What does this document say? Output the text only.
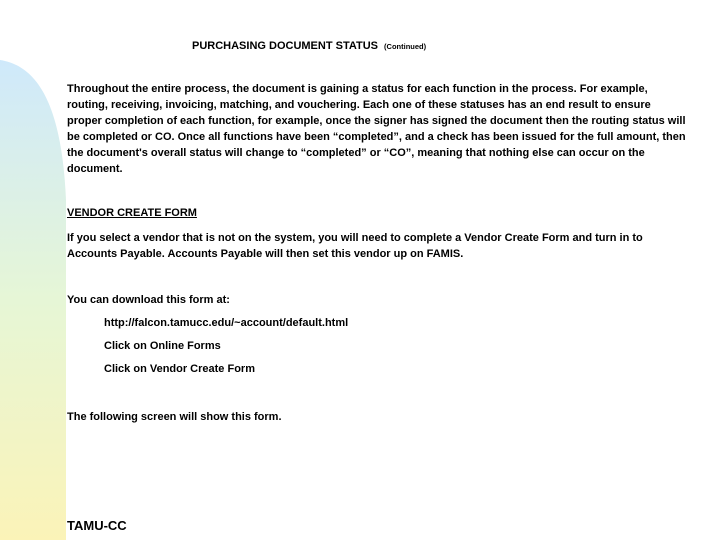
PURCHASING DOCUMENT STATUS (Continued)

Throughout the entire process, the document is gaining a status for each function in the process. For example, routing, receiving, invoicing, matching, and vouchering. Each one of these statuses has an end result to ensure proper completion of each function, for example, once the signer has signed the document then the routing status will be completed or CO. Once all functions have been “completed”, and a check has been issued for the full amount, then the document's overall status will change to “completed” or “CO”, meaning that nothing else can occur on the document.

VENDOR CREATE FORM

If you select a vendor that is not on the system, you will need to complete a Vendor Create Form and turn in to Accounts Payable. Accounts Payable will then set this vendor up on FAMIS.

You can download this form at:

http://falcon.tamucc.edu/~account/default.html
Click on Online Forms
Click on Vendor Create Form

The following screen will show this form.

TAMU-CC
